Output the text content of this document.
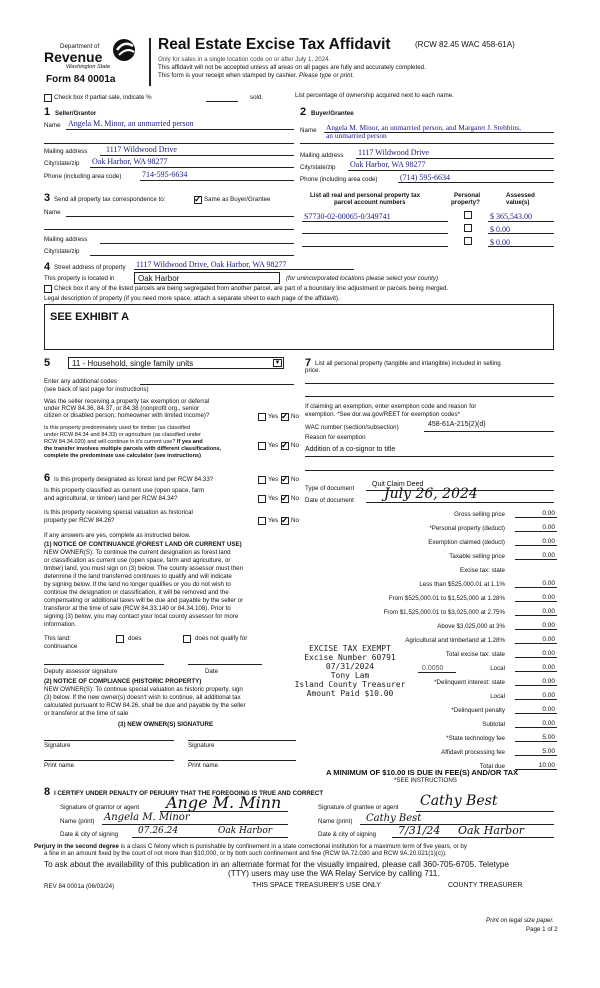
Department of
Revenue
Washington State
Form 84 0001a
Real Estate Excise Tax Affidavit	(RCW 82.45 WAC 458-61A)
Only for sales in a single location code on or after July 1, 2024.
This affidavit will not be accepted unless all areas on all pages are fully and accurately completed.
This form is your receipt when stamped by cashier. Please type or print.
Check box if partial sale, indicate %	sold.	List percentage of ownership acquired next to each name.
1 Seller/Grantor
Name Angela M. Minor, an unmarried person
Mailing address 1117 Wildwood Drive
City/state/zip Oak Harbor, WA 98277
Phone (including area code)	714-595-6634
2 Buyer/Grantee
Name Angela M. Minor, an unmarried person, and Margaret J. Stebbins,
an unmarried person
Mailing address 1117 Wildwood Drive
City/state/zip Oak Harbor, WA 98277
Phone (including area code)	(714) 595-6634
3 Send all property tax correspondence to: ✓	Same as Buyer/Grantee
Name
Mailing address
City/state/zip
List all real and personal property tax
parcel account numbers
Personal
property?
Assessed
value(s)
S7730-02-00065-0/349741	$ 365,543.00
$ 0.00
$ 0.00
4 Street address of property 1117 Wildwood Drive, Oak Harbor, WA 98277
This property is located in	Oak Harbor	(for unincorporated locations please select your county)
Check box if any of the listed parcels are being segregated from another parcel, are part of a boundary line adjustment or parcels being merged.
Legal description of property (if you need more space, attach a separate sheet to each page of the affidavit).
SEE EXHIBIT A
5	11 - Household, single family units	▼
Enter any additional codes
(see back of last page for instructions)
Was the seller receiving a property tax exemption or deferral
under RCW 84.36, 84.37, or 84.38 (nonprofit org., senior
citizen or disabled person, homeowner with limited income)?	Yes ✓ No
Is this property predominately used for timber (as classified
under RCW 84.34 and 84.33) or agriculture (as classified under
RCW 84.34.020) and will continue in it's current use? If yes and
the transfer involves multiple parcels with different classifications,
complete the predominate use calculator (see instructions)
Yes ✓ No
6 Is this property designated as forest land per RCW 84.33?	Yes ✓ No
Is this property classified as current use (open space, farm
and agricultural, or timber) land per RCW 84.34?	Yes ✓ No
Is this property receiving special valuation as historical
property per RCW 84.26?	Yes ✓ No
If any answers are yes, complete as instructed below.
(1) NOTICE OF CONTINUANCE (FOREST LAND OR CURRENT USE)
NEW OWNER(S): To continue the current designation as forest land
or classification as current use (open space, farm and agriculture, or
timber) land, you must sign on (3) below. The county assessor must then
determine if the land transferred continues to qualify and will indicate
by signing below. If the land no longer qualifies or you do not wish to
continue the designation or classification, it will be removed and the
compensating or additional taxes will be due and payable by the seller or
transferor at the time of sale (RCW 84.33.140 or 84.34.108). Prior to
signing (3) below, you may contact your local county assessor for more
information.
This land:	does	does not qualify for
continuance
Deputy assessor signature	Date
(2) NOTICE OF COMPLIANCE (HISTORIC PROPERTY)
NEW OWNER(S): To continue special valuation as historic property, sign
(3) below. If the new owner(s) doesn't wish to continue, all additional tax
calculated pursuant to RCW 84.26, shall be due and payable by the seller
or transferor at the time of sale
(3) NEW OWNER(S) SIGNATURE
Signature	Signature
Print name	Print name
7 List all personal property (tangible and intangible) included in selling
price.
If claiming an exemption, enter exemption code and reason for
exemption. *See dor.wa.gov/REET for exemption codes*
WAC number (section/subsection)	458-61A-215(2)(d)
Reason for exemption
Addition of a co-signor to title
Type of document
Quit Claim Deed
Date of document July 26, 2024
Gross selling price	0.00
*Personal property (deduct)	0.00
Exemption claimed (deduct)	0.00
Taxable selling price	0.00
Excise tax: state
Less than $525,000.01 at 1.1%	0.00
From $525,000.01 to $1,525,000 at 1.28%	0.00
From $1,525,000.01 to $3,025,000 at 2.75%	0.00
Above $3,025,000 at 3%	0.00
Agricultural and timberland at 1.28%	0.00
Total excise tax: state	0.00
Local	0.00
*Delinquent interest: state	0.00
Local	0.00
*Delinquent penalty	0.00
Subtotal	0.00
*State technology fee	5.00
Affidavit processing fee	5.00
Total due	10.00
0.0050
A MINIMUM OF $10.00 IS DUE IN FEE(S) AND/OR TAX
*SEE INSTRUCTIONS
EXCISE TAX EXEMPT
Excise Number 60791
07/31/2024
Tony Lam
Island County Treasurer
Amount Paid $10.00
8 I CERTIFY UNDER PENALTY OF PERJURY THAT THE FOREGOING IS TRUE AND CORRECT
Signature of grantor or agent Ange M. Minn
Name (print) Angela M. Minor
Date & city of signing 07.26.24	Oak Harbor
Signature of grantee or agent Cathy Best
Name (print) Cathy Best
Date & city of signing 7/31/24 Oak Harbor
Perjury in the second degree is a class C felony which is punishable by confinement in a state correctional institution for a maximum term of five years, or by
a fine in an amount fixed by the court of not more than $10,000, or by both such confinement and fine (RCW 9A.72.030 and RCW 9A.20.021(1)(c)).
To ask about the availability of this publication in an alternate format for the visually impaired, please call 360-705-6705. Teletype
(TTY) users may use the WA Relay Service by calling 711.
REV 84 0001a (06/03/24)	THIS SPACE TREASURER'S USE ONLY	COUNTY TREASURER
Print on legal size paper.
Page 1 of 2
